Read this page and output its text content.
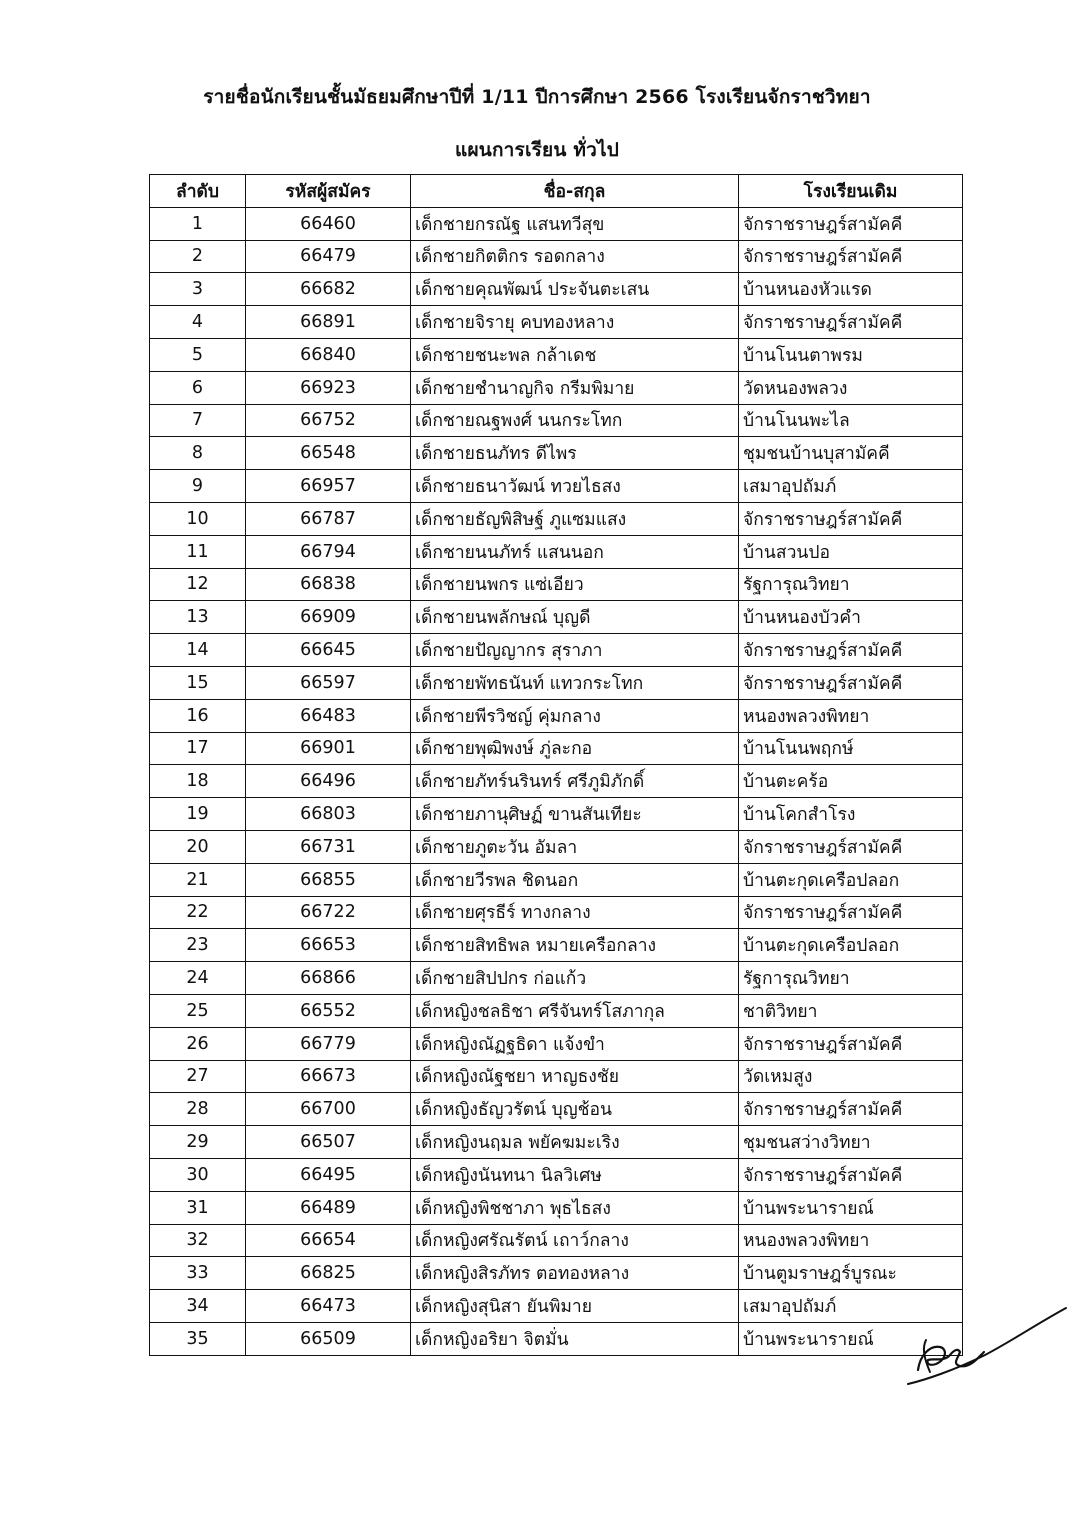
รายชื่อนักเรียนชั้นมัธยมศึกษาปีที่ 1/11 ปีการศึกษา 2566 โรงเรียนจักราชวิทยา
แผนการเรียน ทั่วไป
ลำดับ	รหัสผู้สมัคร	ชื่อ-สกุล	โรงเรียนเดิม
1	66460	เด็กชายกรณัฐ แสนทวีสุข	จักราชราษฎร์สามัคคี
2	66479	เด็กชายกิตติกร รอดกลาง	จักราชราษฎร์สามัคคี
3	66682	เด็กชายคุณพัฒน์ ประจันตะเสน	บ้านหนองหัวแรด
4	66891	เด็กชายจิรายุ คบทองหลาง	จักราชราษฎร์สามัคคี
5	66840	เด็กชายชนะพล กล้าเดช	บ้านโนนตาพรม
6	66923	เด็กชายชำนาญกิจ กรีมพิมาย	วัดหนองพลวง
7	66752	เด็กชายณฐพงศ์ นนกระโทก	บ้านโนนพะไล
8	66548	เด็กชายธนภัทร ดีไพร	ชุมชนบ้านบุสามัคคี
9	66957	เด็กชายธนาวัฒน์ ทวยไธสง	เสมาอุปถัมภ์
10	66787	เด็กชายธัญพิสิษฐ์ ภูแซมแสง	จักราชราษฎร์สามัคคี
11	66794	เด็กชายนนภัทร์ แสนนอก	บ้านสวนปอ
12	66838	เด็กชายนพกร แซ่เอียว	รัฐการุณวิทยา
13	66909	เด็กชายนพลักษณ์ บุญดี	บ้านหนองบัวคำ
14	66645	เด็กชายปัญญากร สุราภา	จักราชราษฎร์สามัคคี
15	66597	เด็กชายพัทธนันท์ แทวกระโทก	จักราชราษฎร์สามัคคี
16	66483	เด็กชายพีรวิชญ์ คุ่มกลาง	หนองพลวงพิทยา
17	66901	เด็กชายพุฒิพงษ์ ภู่ละกอ	บ้านโนนพฤกษ์
18	66496	เด็กชายภัทร์นรินทร์ ศรีภูมิภักดิ์	บ้านตะคร้อ
19	66803	เด็กชายภานุศิษฏ์ ขานสันเทียะ	บ้านโคกสำโรง
20	66731	เด็กชายภูตะวัน อัมลา	จักราชราษฎร์สามัคคี
21	66855	เด็กชายวีรพล ชิดนอก	บ้านตะกุดเครือปลอก
22	66722	เด็กชายศุรธีร์ ทางกลาง	จักราชราษฎร์สามัคคี
23	66653	เด็กชายสิทธิพล หมายเครือกลาง	บ้านตะกุดเครือปลอก
24	66866	เด็กชายสิปปกร ก่อแก้ว	รัฐการุณวิทยา
25	66552	เด็กหญิงชลธิชา ศรีจันทร์โสภากุล	ชาติวิทยา
26	66779	เด็กหญิงณัฏฐธิดา แจ้งขำ	จักราชราษฎร์สามัคคี
27	66673	เด็กหญิงณัฐชยา หาญธงชัย	วัดเหมสูง
28	66700	เด็กหญิงธัญวรัตน์ บุญช้อน	จักราชราษฎร์สามัคคี
29	66507	เด็กหญิงนฤมล พยัคฆมะเริง	ชุมชนสว่างวิทยา
30	66495	เด็กหญิงนันทนา นิลวิเศษ	จักราชราษฎร์สามัคคี
31	66489	เด็กหญิงพิชชาภา พุธไธสง	บ้านพระนารายณ์
32	66654	เด็กหญิงศรัณรัตน์ เถาว์กลาง	หนองพลวงพิทยา
33	66825	เด็กหญิงสิรภัทร ตอทองหลาง	บ้านตูมราษฎร์บูรณะ
34	66473	เด็กหญิงสุนิสา ยันพิมาย	เสมาอุปถัมภ์
35	66509	เด็กหญิงอริยา จิตมั่น	บ้านพระนารายณ์
